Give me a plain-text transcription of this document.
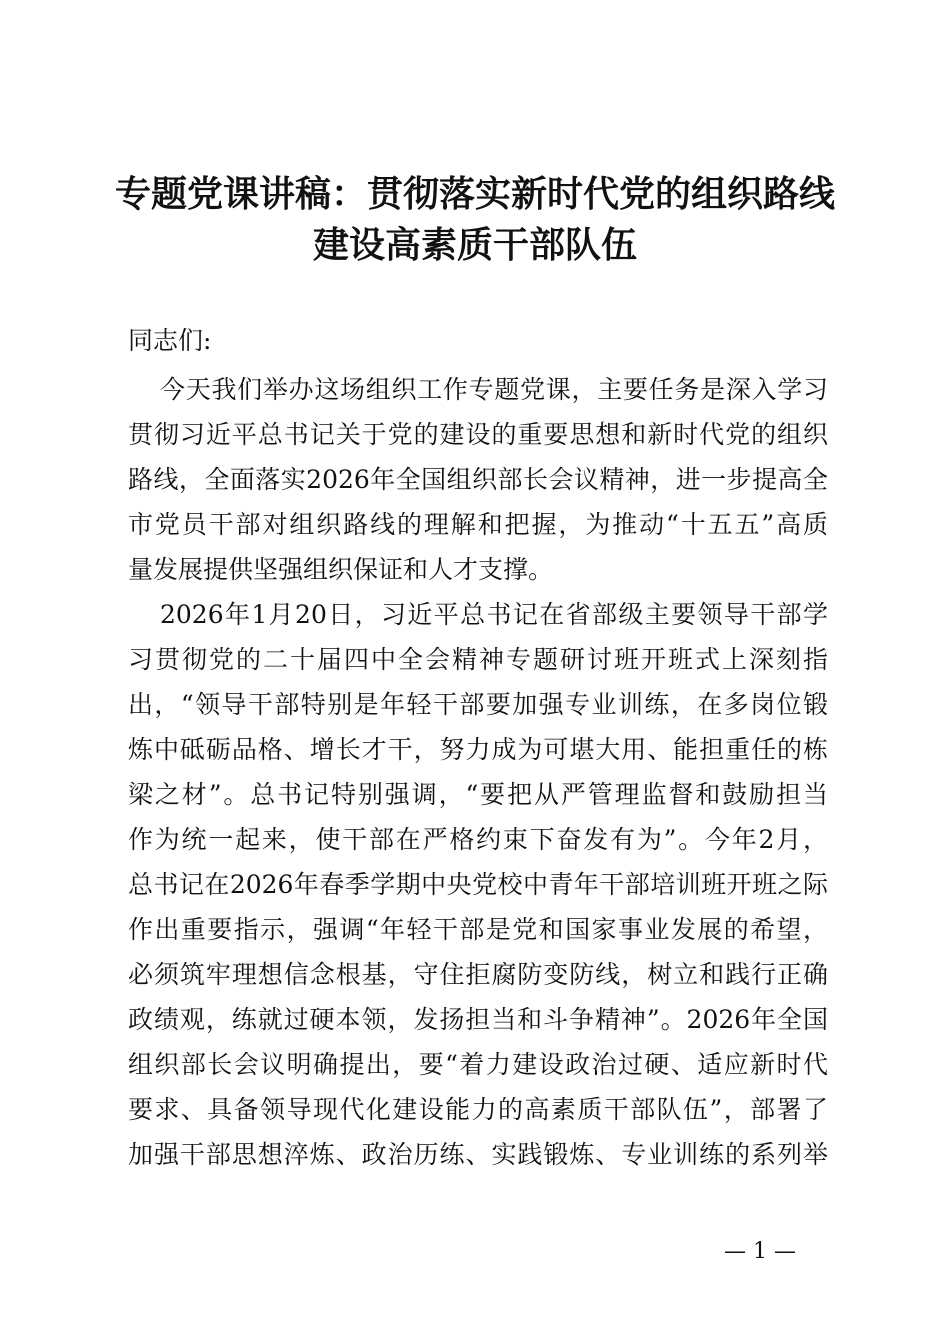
专题党课讲稿：贯彻落实新时代党的组织路线
建设高素质干部队伍
同志们:
今天我们举办这场组织工作专题党课，主要任务是深入学习
贯彻习近平总书记关于党的建设的重要思想和新时代党的组织
路线，全面落实2026年全国组织部长会议精神，进一步提高全
市党员干部对组织路线的理解和把握，为推动“十五五”高质
量发展提供坚强组织保证和人才支撑。
2026年1月20日，习近平总书记在省部级主要领导干部学
习贯彻党的二十届四中全会精神专题研讨班开班式上深刻指
出，“领导干部特别是年轻干部要加强专业训练，在多岗位锻
炼中砥砺品格、增长才干，努力成为可堪大用、能担重任的栋
梁之材”。总书记特别强调，“要把从严管理监督和鼓励担当
作为统一起来，使干部在严格约束下奋发有为”。今年2月，
总书记在2026年春季学期中央党校中青年干部培训班开班之际
作出重要指示，强调“年轻干部是党和国家事业发展的希望，
必须筑牢理想信念根基，守住拒腐防变防线，树立和践行正确
政绩观，练就过硬本领，发扬担当和斗争精神”。2026年全国
组织部长会议明确提出，要“着力建设政治过硬、适应新时代
要求、具备领导现代化建设能力的高素质干部队伍”，部署了
加强干部思想淬炼、政治历练、实践锻炼、专业训练的系列举
— 1 —
